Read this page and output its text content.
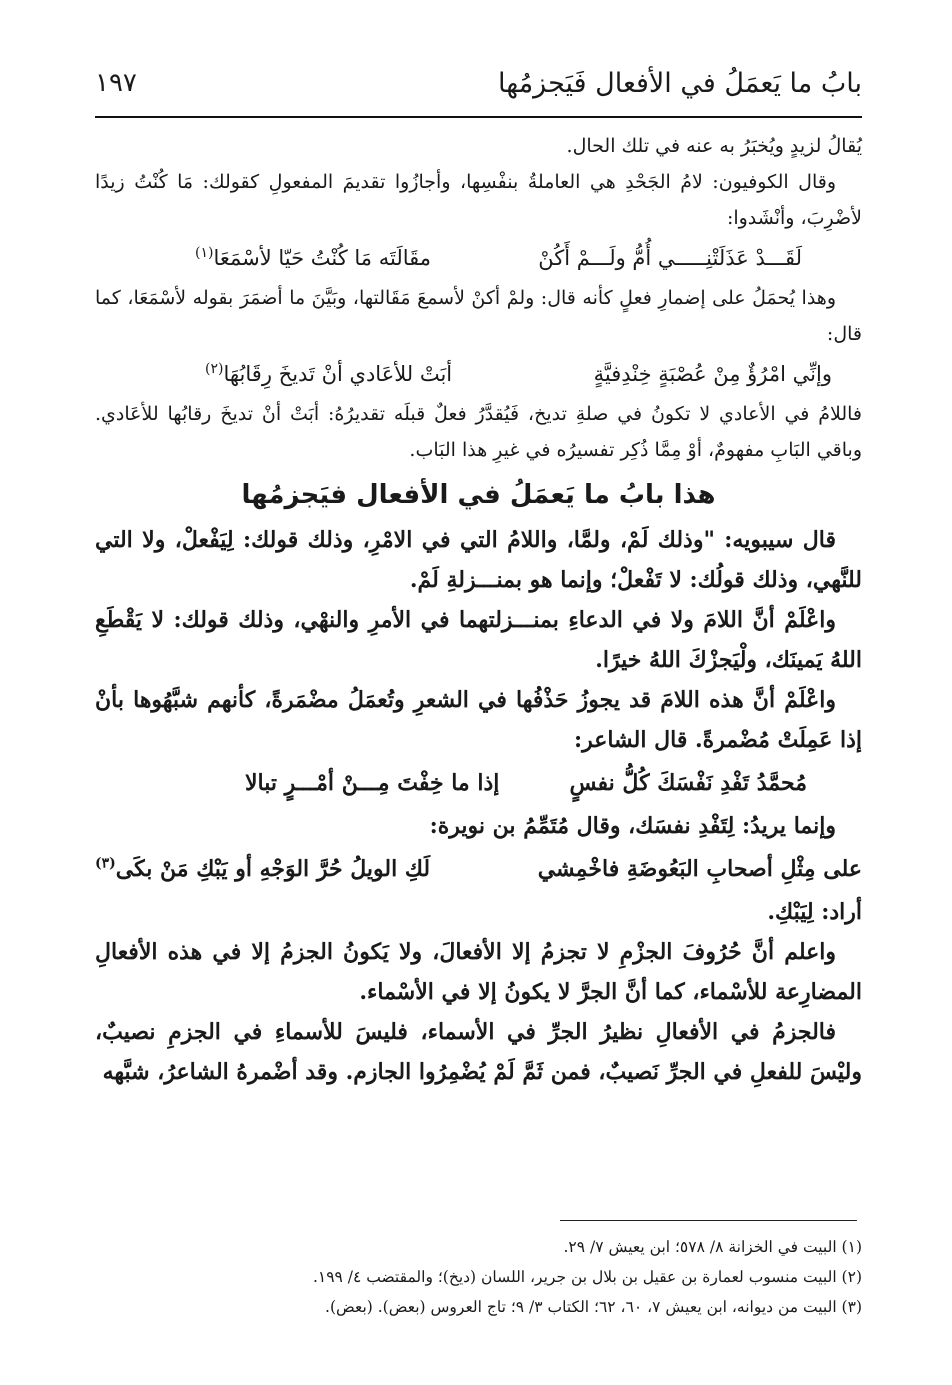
بابُ ما يَعمَلُ في الأفعال فَيَجزمُها
١٩٧

يُقالُ لزيدٍ ويُخبَرُ به عنه في تلك الحال.

وقال الكوفيون: لامُ الجَحْدِ هي العاملةُ بنفْسِها، وأجازُوا تقديمَ المفعولِ كقولك: مَا كُنْتُ زيدًا لأضْرِبَ، وأنْشَدوا:

لَقَـــدْ عَذَلَتْنِـــــي أُمُّ ولَـــمْ أَكُنْ
مقَالَتَه مَا كُنْتُ حَيّا لأسْمَعَا$^{(١)}$

وهذا يُحمَلُ على إضمارِ فعلٍ كأنه قال: ولمْ أكنْ لأسمعَ مَقَالتها، وبَيَّنَ ما أضمَرَ بقوله لأسْمَعَا، كما قال:

وإنِّي امْرُؤٌ مِنْ عُصْبَةٍ خِنْدِفيَّةٍ
أبَتْ للأعَادي أنْ تَديخَ رِقَابُهَا$^{(٢)}$

فاللامُ في الأعادي لا تكونُ في صلةِ تديخ، فَيُقدَّرُ فعلٌ قبلَه تقديرُهُ: أبَتْ أنْ تديخَ رقابُها للأعَادي. وباقي البَابِ مفهومٌ، أوْ مِمَّا ذُكِر تفسيرُه في غيرِ هذا البَاب.

هذا بابُ ما يَعمَلُ في الأفعال فيَجزمُها

قال سيبويه: "وذلك لَمْ، ولمَّا، واللامُ التي في الامْرِ، وذلك قولك: لِيَفْعلْ، ولا التي للنَّهي، وذلك قولُك: لا تَفْعلْ؛ وإنما هو بمنـــزلةِ لَمْ.

واعْلَمْ أنَّ اللامَ ولا في الدعاءِ بمنـــزلتهما في الأمرِ والنهْي، وذلك قولك: لا يَقْطَعِ اللهُ يَمينَك، ولْيَجزْكَ اللهُ خيرًا.

واعْلَمْ أنَّ هذه اللامَ قد يجوزُ حَذْفُها في الشعرِ وتُعمَلُ مضْمَرةً، كأنهم شبَّهُوها بأنْ إذا عَمِلَتْ مُضْمرةً. قال الشاعر:

مُحمَّدُ تَفْدِ نَفْسَكَ كُلُّ نفسٍ
إذا ما خِفْتَ مِـــنْ أمْـــرٍ تبالا

وإنما يريدُ: لِتَفْدِ نفسَك، وقال مُتَمِّمُ بن نويرة:

على مِثْلِ أصحابِ البَعُوضَةِ فاخْمِشي
لَكِ الويلُ حُرَّ الوَجْهِ أو يَبْكِ مَنْ بكَى$^{(٣)}$

أراد: لِيَبْكِ.

واعلم أنَّ حُرُوفَ الجزْمِ لا تجزمُ إلا الأفعالَ، ولا يَكونُ الجزمُ إلا في هذه الأفعالِ المضارِعة للأسْماء، كما أنَّ الجرَّ لا يكونُ إلا في الأسْماء.

فالجزمُ في الأفعالِ نظيرُ الجرِّ في الأسماء، فليسَ للأسماءِ في الجزمِ نصيبٌ، وليْسَ للفعلِ في الجرِّ نَصيبٌ، فمن ثَمَّ لَمْ يُضْمِرُوا الجازم. وقد أضْمرهُ الشاعرُ، شبَّهه

(١) البيت في الخزانة ٨/ ٥٧٨؛ ابن يعيش ٧/ ٢٩.

(٢) البيت منسوب لعمارة بن عقيل بن بلال بن جرير، اللسان (ديخ)؛ والمقتضب ٤/ ١٩٩.

(٣) البيت من ديوانه، ابن يعيش ٧، ٦٠، ٦٢؛ الكتاب ٣/ ٩؛ تاج العروس (بعض). (بعض).
